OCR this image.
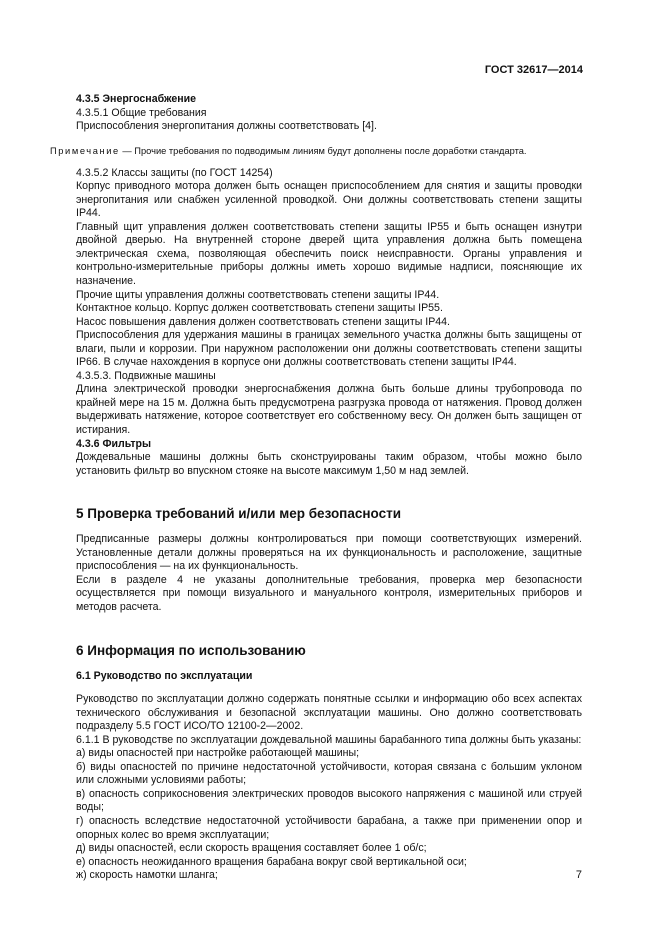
ГОСТ 32617—2014

4.3.5 Энергоснабжение

4.3.5.1 Общие требования

Приспособления энергопитания должны соответствовать [4].

Примечание — Прочие требования по подводимым линиям будут дополнены после доработки стандарта.

4.3.5.2 Классы защиты (по ГОСТ 14254)

Корпус приводного мотора должен быть оснащен приспособлением для снятия и защиты проводки энергопитания или снабжен усиленной проводкой. Они должны соответствовать степени защиты IP44.

Главный щит управления должен соответствовать степени защиты IP55 и быть оснащен изнутри двойной дверью. На внутренней стороне дверей щита управления должна быть помещена электрическая схема, позволяющая обеспечить поиск неисправности. Органы управления и контрольно-измерительные приборы должны иметь хорошо видимые надписи, поясняющие их назначение.

Прочие щиты управления должны соответствовать степени защиты IP44.

Контактное кольцо. Корпус должен соответствовать степени защиты IP55.

Насос повышения давления должен соответствовать степени защиты IP44.

Приспособления для удержания машины в границах земельного участка должны быть защищены от влаги, пыли и коррозии. При наружном расположении они должны соответствовать степени защиты IP66. В случае нахождения в корпусе они должны соответствовать степени защиты IP44.

4.3.5.3. Подвижные машины

Длина электрической проводки энергоснабжения должна быть больше длины трубопровода по крайней мере на 15 м. Должна быть предусмотрена разгрузка провода от натяжения. Провод должен выдерживать натяжение, которое соответствует его собственному весу. Он должен быть защищен от истирания.

4.3.6 Фильтры

Дождевальные машины должны быть сконструированы таким образом, чтобы можно было установить фильтр во впускном стояке на высоте максимум 1,50 м над землей.

5 Проверка требований и/или мер безопасности

Предписанные размеры должны контролироваться при помощи соответствующих измерений. Установленные детали должны проверяться на их функциональность и расположение, защитные приспособления — на их функциональность.

Если в разделе 4 не указаны дополнительные требования, проверка мер безопасности осуществляется при помощи визуального и мануального контроля, измерительных приборов и методов расчета.

6 Информация по использованию

6.1 Руководство по эксплуатации

Руководство по эксплуатации должно содержать понятные ссылки и информацию обо всех аспектах технического обслуживания и безопасной эксплуатации машины. Оно должно соответствовать подразделу 5.5 ГОСТ ИСО/ТО 12100-2—2002.

6.1.1 В руководстве по эксплуатации дождевальной машины барабанного типа должны быть указаны:

а) виды опасностей при настройке работающей машины;

б) виды опасностей по причине недостаточной устойчивости, которая связана с большим уклоном или сложными условиями работы;

в) опасность соприкосновения электрических проводов высокого напряжения с машиной или струей воды;

г) опасность вследствие недостаточной устойчивости барабана, а также при применении опор и опорных колес во время эксплуатации;

д) виды опасностей, если скорость вращения составляет более 1 об/с;

е) опасность неожиданного вращения барабана вокруг свой вертикальной оси;

ж) скорость намотки шланга;	7
